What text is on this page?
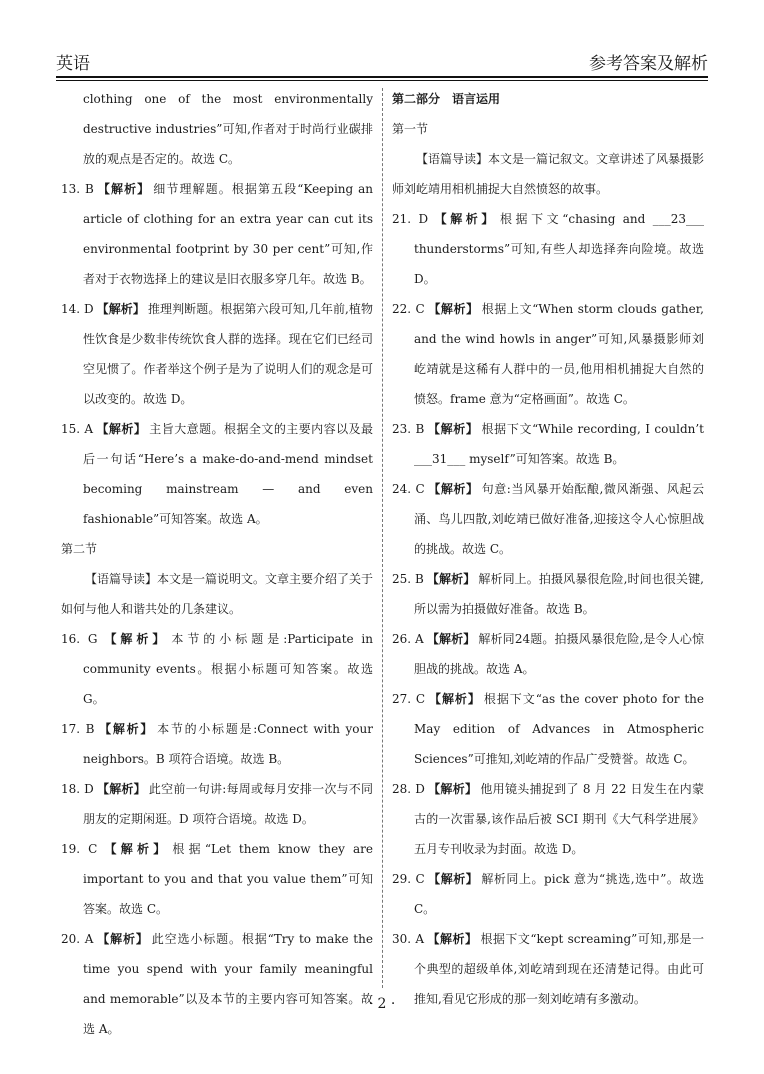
英语	参考答案及解析
clothing one of the most environmentally destructive industries”可知,作者对于时尚行业碳排放的观点是否定的。故选 C。
13. B 【解析】 细节理解题。根据第五段“Keeping an article of clothing for an extra year can cut its environmental footprint by 30 per cent”可知,作者对于衣物选择上的建议是旧衣服多穿几年。故选 B。
14. D 【解析】 推理判断题。根据第六段可知,几年前,植物性饮食是少数非传统饮食人群的选择。现在它们已经司空见惯了。作者举这个例子是为了说明人们的观念是可以改变的。故选 D。
15. A 【解析】 主旨大意题。根据全文的主要内容以及最后一句话“Here’s a make-do-and-mend mindset becoming mainstream — and even fashionable”可知答案。故选 A。
第二节
【语篇导读】本文是一篇说明文。文章主要介绍了关于如何与他人和谐共处的几条建议。
16. G 【解析】 本节的小标题是:Participate in community events。根据小标题可知答案。故选 G。
17. B 【解析】 本节的小标题是:Connect with your neighbors。B 项符合语境。故选 B。
18. D 【解析】 此空前一句讲:每周或每月安排一次与不同朋友的定期闲逛。D 项符合语境。故选 D。
19. C 【解析】 根据“Let them know they are important to you and that you value them”可知答案。故选 C。
20. A 【解析】 此空选小标题。根据“Try to make the time you spend with your family meaningful and memorable”以及本节的主要内容可知答案。故选 A。
第二部分　语言运用
第一节
【语篇导读】本文是一篇记叙文。文章讲述了风暴摄影师刘屹靖用相机捕捉大自然愤怒的故事。
21. D 【解析】 根据下文“chasing and ___23___ thunderstorms”可知,有些人却选择奔向险境。故选 D。
22. C 【解析】 根据上文“When storm clouds gather, and the wind howls in anger”可知,风暴摄影师刘屹靖就是这稀有人群中的一员,他用相机捕捉大自然的愤怒。frame 意为“定格画面”。故选 C。
23. B 【解析】 根据下文“While recording, I couldn’t ___31___ myself”可知答案。故选 B。
24. C 【解析】 句意:当风暴开始酝酿,微风渐强、风起云涌、鸟儿四散,刘屹靖已做好准备,迎接这令人心惊胆战的挑战。故选 C。
25. B 【解析】 解析同上。拍摄风暴很危险,时间也很关键,所以需为拍摄做好准备。故选 B。
26. A 【解析】 解析同24题。拍摄风暴很危险,是令人心惊胆战的挑战。故选 A。
27. C 【解析】 根据下文“as the cover photo for the May edition of Advances in Atmospheric Sciences”可推知,刘屹靖的作品广受赞誉。故选 C。
28. D 【解析】 他用镜头捕捉到了 8 月 22 日发生在内蒙古的一次雷暴,该作品后被 SCI 期刊《大气科学进展》五月专刊收录为封面。故选 D。
29. C 【解析】 解析同上。pick 意为“挑选,选中”。故选 C。
30. A 【解析】 根据下文“kept screaming”可知,那是一个典型的超级单体,刘屹靖到现在还清楚记得。由此可推知,看见它形成的那一刻刘屹靖有多激动。
· 2 ·
